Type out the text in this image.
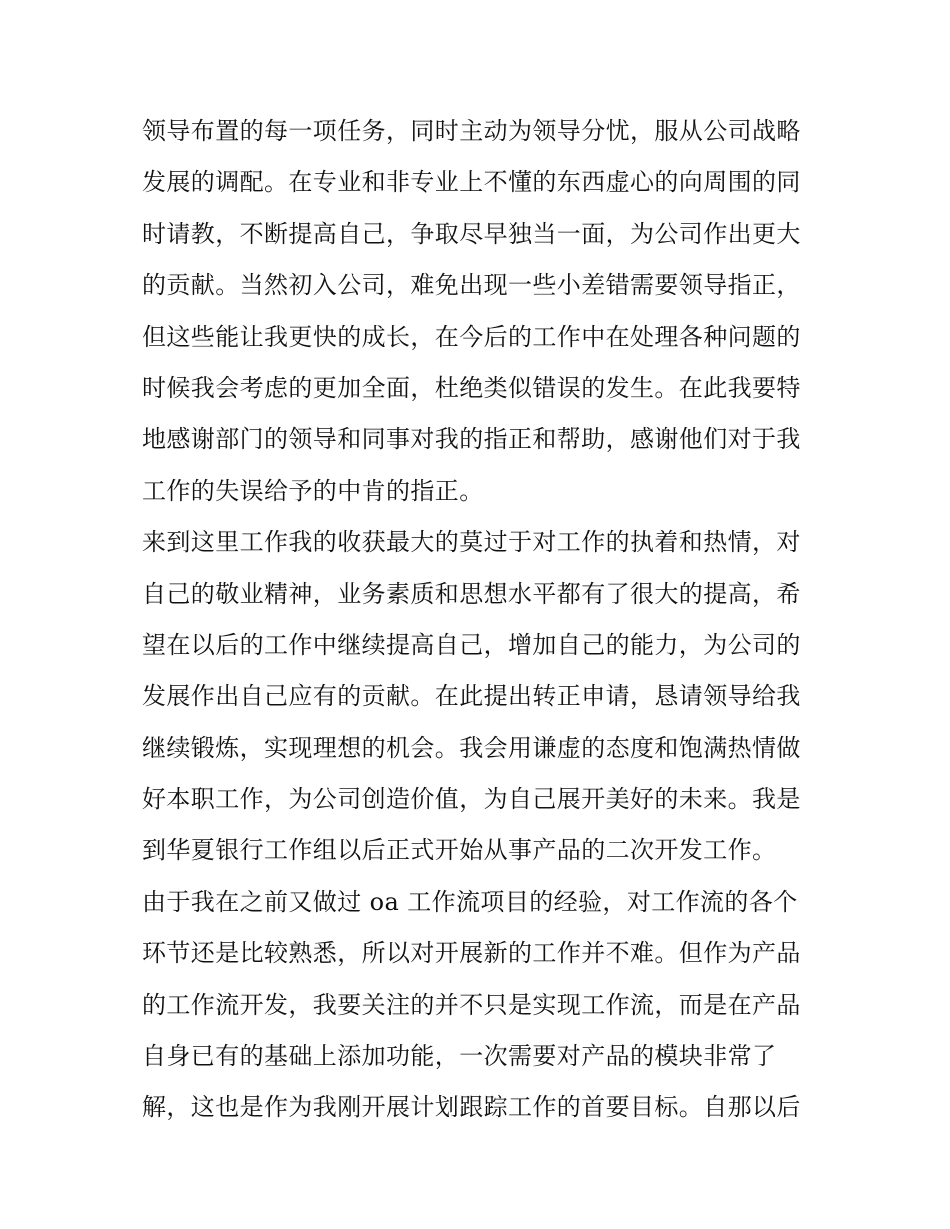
领导布置的每一项任务，同时主动为领导分忧，服从公司战略
发展的调配。在专业和非专业上不懂的东西虚心的向周围的同
时请教，不断提高自己，争取尽早独当一面，为公司作出更大
的贡献。当然初入公司，难免出现一些小差错需要领导指正，
但这些能让我更快的成长，在今后的工作中在处理各种问题的
时候我会考虑的更加全面，杜绝类似错误的发生。在此我要特
地感谢部门的领导和同事对我的指正和帮助，感谢他们对于我
工作的失误给予的中肯的指正。
来到这里工作我的收获最大的莫过于对工作的执着和热情，对
自己的敬业精神，业务素质和思想水平都有了很大的提高，希
望在以后的工作中继续提高自己，增加自己的能力，为公司的
发展作出自己应有的贡献。在此提出转正申请，恳请领导给我
继续锻炼，实现理想的机会。我会用谦虚的态度和饱满热情做
好本职工作，为公司创造价值，为自己展开美好的未来。我是
到华夏银行工作组以后正式开始从事产品的二次开发工作。
由于我在之前又做过 oa 工作流项目的经验，对工作流的各个
环节还是比较熟悉，所以对开展新的工作并不难。但作为产品
的工作流开发，我要关注的并不只是实现工作流，而是在产品
自身已有的基础上添加功能，一次需要对产品的模块非常了
解，这也是作为我刚开展计划跟踪工作的首要目标。自那以后
